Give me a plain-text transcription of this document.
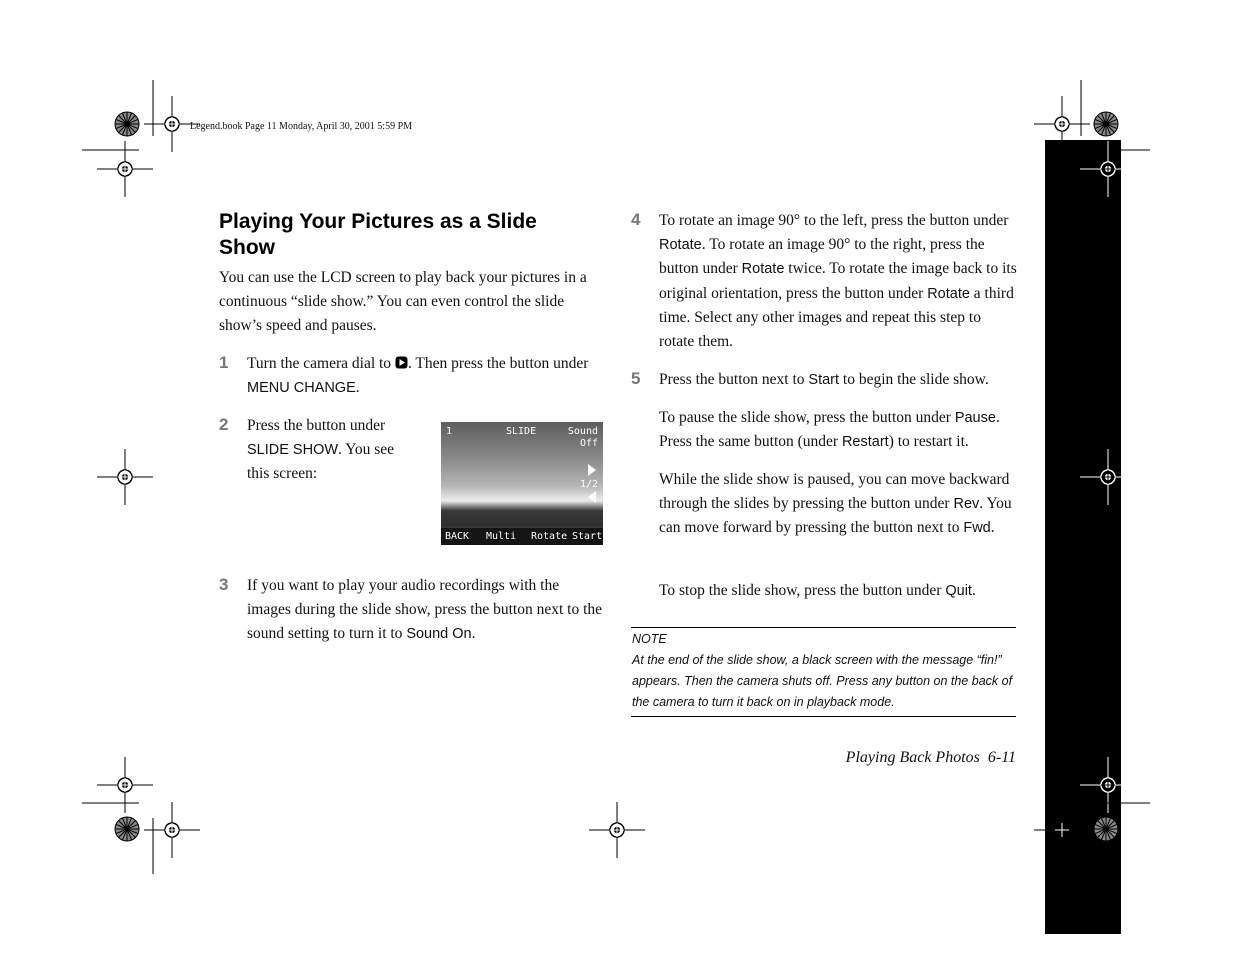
Legend.book Page 11 Monday, April 30, 2001 5:59 PM
Playing Your Pictures as a Slide Show
You can use the LCD screen to play back your pictures in a continuous “slide show.” You can even control the slide show’s speed and pauses.
1 Turn the camera dial to . Then press the button under MENU CHANGE.
2 Press the button under SLIDE SHOW. You see this screen:
1	SLIDE	Sound
Off
1/2
BACK Multi Rotate Start
3 If you want to play your audio recordings with the images during the slide show, press the button next to the sound setting to turn it to Sound On.
4 To rotate an image 90° to the left, press the button under Rotate. To rotate an image 90° to the right, press the button under Rotate twice. To rotate the image back to its original orientation, press the button under Rotate a third time. Select any other images and repeat this step to rotate them.
5 Press the button next to Start to begin the slide show.
To pause the slide show, press the button under Pause. Press the same button (under Restart) to restart it.
While the slide show is paused, you can move backward through the slides by pressing the button under Rev. You can move forward by pressing the button next to Fwd.
To stop the slide show, press the button under Quit.
NOTE
At the end of the slide show, a black screen with the message “fin!” appears. Then the camera shuts off. Press any button on the back of the camera to turn it back on in playback mode.
Playing Back Photos 6-11
